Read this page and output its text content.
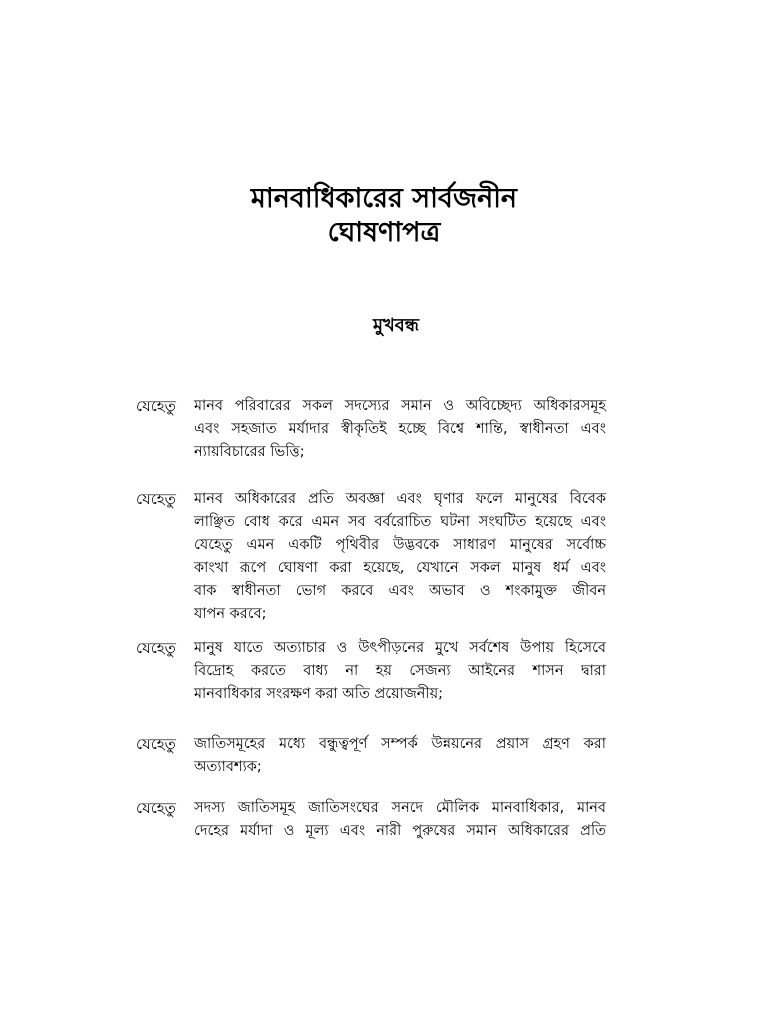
মানবাধিকারের সার্বজনীন
ঘোষণাপত্র
মুখবন্ধ
যেহেতু	মানব পরিবারের সকল সদস্যের সমান ও অবিচ্ছেদ্য অধিকারসমূহ
এবং সহজাত মর্যাদার স্বীকৃতিই হচ্ছে বিশ্বে শান্তি, স্বাধীনতা এবং
ন্যায়বিচারের ভিত্তি;
যেহেতু	মানব অধিকারের প্রতি অবজ্ঞা এবং ঘৃণার ফলে মানুষের বিবেক
লাঞ্ছিত বোধ করে এমন সব বর্বরোচিত ঘটনা সংঘটিত হয়েছে এবং
যেহেতু এমন একটি পৃথিবীর উদ্ভবকে সাধারণ মানুষের সর্বোচ্চ
কাংখা রূপে ঘোষণা করা হয়েছে, যেখানে সকল মানুষ ধর্ম এবং
বাক স্বাধীনতা ভোগ করবে এবং অভাব ও শংকামুক্ত জীবন
যাপন করবে;
যেহেতু	মানুষ যাতে অত্যাচার ও উৎপীড়নের মুখে সর্বশেষ উপায় হিসেবে
বিদ্রোহ করতে বাধ্য না হয় সেজন্য আইনের শাসন দ্বারা
মানবাধিকার সংরক্ষণ করা অতি প্রয়োজনীয়;
যেহেতু	জাতিসমূহের মধ্যে বন্ধুত্বপূর্ণ সম্পর্ক উন্নয়নের প্রয়াস গ্রহণ করা
অত্যাবশ্যক;
যেহেতু	সদস্য জাতিসমূহ জাতিসংঘের সনদে মৌলিক মানবাধিকার, মানব
দেহের মর্যাদা ও মূল্য এবং নারী পুরুষের সমান অধিকারের প্রতি
